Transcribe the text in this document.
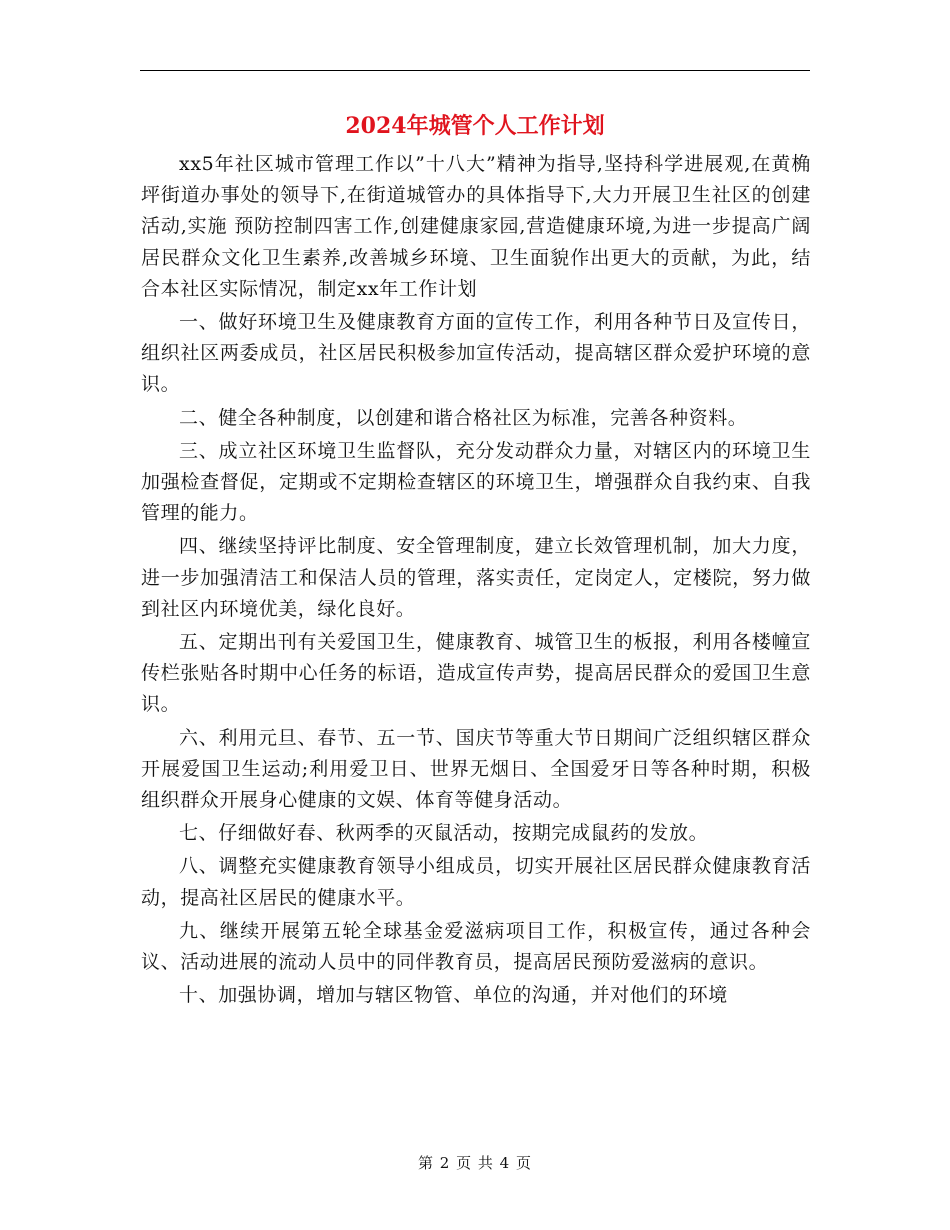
2024年城管个人工作计划

xx5年社区城市管理工作以”十八大”精神为指导,坚持科学进展观,在黄桷坪街道办事处的领导下,在街道城管办的具体指导下,大力开展卫生社区的创建活动,实施 预防控制四害工作,创建健康家园,营造健康环境,为进一步提高广阔居民群众文化卫生素养,改善城乡环境、卫生面貌作出更大的贡献，为此，结合本社区实际情况，制定xx年工作计划

一、做好环境卫生及健康教育方面的宣传工作，利用各种节日及宣传日，组织社区两委成员，社区居民积极参加宣传活动，提高辖区群众爱护环境的意识。

二、健全各种制度，以创建和谐合格社区为标准，完善各种资料。

三、成立社区环境卫生监督队，充分发动群众力量，对辖区内的环境卫生加强检查督促，定期或不定期检查辖区的环境卫生，增强群众自我约束、自我管理的能力。

四、继续坚持评比制度、安全管理制度，建立长效管理机制，加大力度，进一步加强清洁工和保洁人员的管理，落实责任，定岗定人，定楼院，努力做到社区内环境优美，绿化良好。

五、定期出刊有关爱国卫生，健康教育、城管卫生的板报，利用各楼幢宣传栏张贴各时期中心任务的标语，造成宣传声势，提高居民群众的爱国卫生意识。

六、利用元旦、春节、五一节、国庆节等重大节日期间广泛组织辖区群众开展爱国卫生运动;利用爱卫日、世界无烟日、全国爱牙日等各种时期，积极组织群众开展身心健康的文娱、体育等健身活动。

七、仔细做好春、秋两季的灭鼠活动，按期完成鼠药的发放。

八、调整充实健康教育领导小组成员，切实开展社区居民群众健康教育活动，提高社区居民的健康水平。

九、继续开展第五轮全球基金爱滋病项目工作，积极宣传，通过各种会议、活动进展的流动人员中的同伴教育员，提高居民预防爱滋病的意识。

十、加强协调，增加与辖区物管、单位的沟通，并对他们的环境

第 2 页 共 4 页
